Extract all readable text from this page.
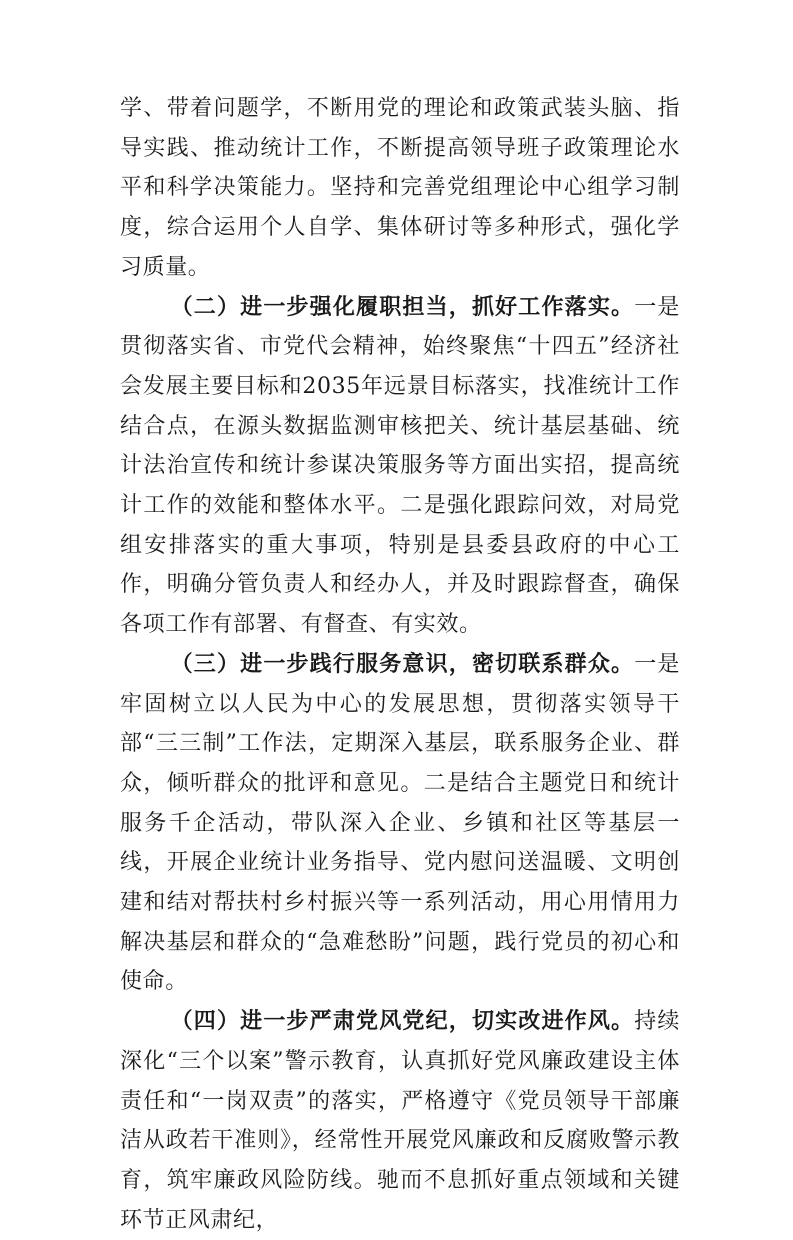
学、带着问题学，不断用党的理论和政策武装头脑、指导实践、推动统计工作，不断提高领导班子政策理论水平和科学决策能力。坚持和完善党组理论中心组学习制度，综合运用个人自学、集体研讨等多种形式，强化学习质量。

（二）进一步强化履职担当，抓好工作落实。一是贯彻落实省、市党代会精神，始终聚焦“十四五”经济社会发展主要目标和2035年远景目标落实，找准统计工作结合点，在源头数据监测审核把关、统计基层基础、统计法治宣传和统计参谋决策服务等方面出实招，提高统计工作的效能和整体水平。二是强化跟踪问效，对局党组安排落实的重大事项，特别是县委县政府的中心工作，明确分管负责人和经办人，并及时跟踪督查，确保各项工作有部署、有督查、有实效。

（三）进一步践行服务意识，密切联系群众。一是牢固树立以人民为中心的发展思想，贯彻落实领导干部“三三制”工作法，定期深入基层，联系服务企业、群众，倾听群众的批评和意见。二是结合主题党日和统计服务千企活动，带队深入企业、乡镇和社区等基层一线，开展企业统计业务指导、党内慰问送温暖、文明创建和结对帮扶村乡村振兴等一系列活动，用心用情用力解决基层和群众的“急难愁盼”问题，践行党员的初心和使命。

（四）进一步严肃党风党纪，切实改进作风。持续深化“三个以案”警示教育，认真抓好党风廉政建设主体责任和“一岗双责”的落实，严格遵守《党员领导干部廉洁从政若干准则》，经常性开展党风廉政和反腐败警示教育，筑牢廉政风险防线。驰而不息抓好重点领域和关键环节正风肃纪，
